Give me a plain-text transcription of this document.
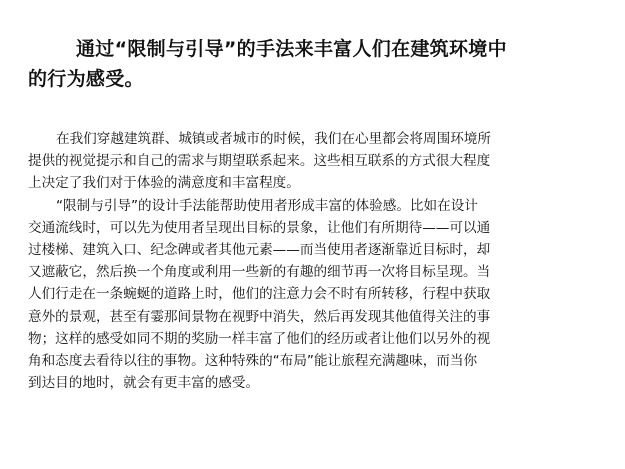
通过“限制与引导”的手法来丰富人们在建筑环境中
的行为感受。
在我们穿越建筑群、城镇或者城市的时候，我们在心里都会将周围环境所
提供的视觉提示和自己的需求与期望联系起来。这些相互联系的方式很大程度
上决定了我们对于体验的满意度和丰富程度。
“限制与引导”的设计手法能帮助使用者形成丰富的体验感。比如在设计
交通流线时，可以先为使用者呈现出目标的景象，让他们有所期待——可以通
过楼梯、建筑入口、纪念碑或者其他元素——而当使用者逐渐靠近目标时，却
又遮蔽它，然后换一个角度或利用一些新的有趣的细节再一次将目标呈现。当
人们行走在一条蜿蜒的道路上时，他们的注意力会不时有所转移，行程中获取
意外的景观，甚至有霎那间景物在视野中消失，然后再发现其他值得关注的事
物；这样的感受如同不期的奖励一样丰富了他们的经历或者让他们以另外的视
角和态度去看待以往的事物。这种特殊的“布局”能让旅程充满趣味，而当你
到达目的地时，就会有更丰富的感受。
